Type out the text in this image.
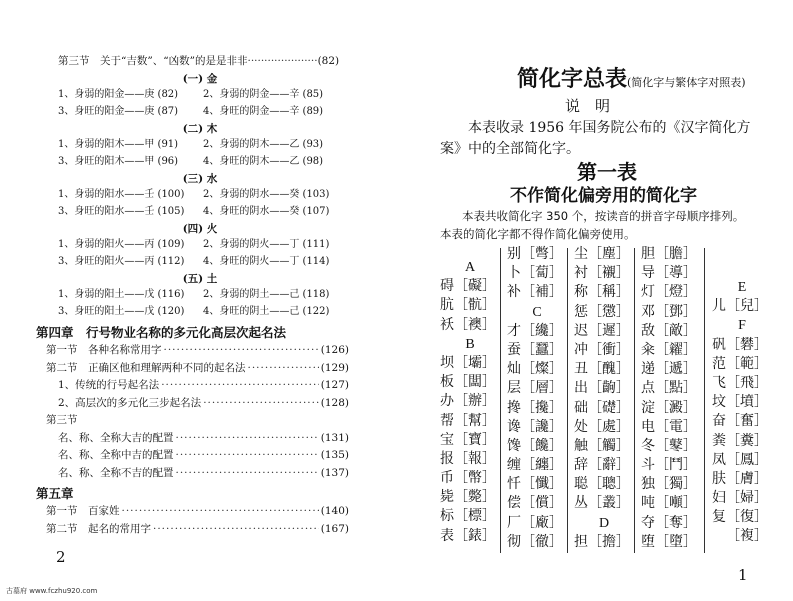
第三节　关于“吉数”、“凶数”的是是非非·····················(82)
(一) 金
1、身弱的阳金——庚 (82)	2、身弱的阴金——辛 (85)
3、身旺的阳金——庚 (87)	4、身旺的阴金——辛 (89)
(二) 木
1、身弱的阳木——甲 (91)	2、身弱的阴木——乙 (93)
3、身旺的阳木——甲 (96)	4、身旺的阴木——乙 (98)
(三) 水
1、身弱的阳水——壬 (100)	2、身弱的阴水——癸 (103)
3、身旺的阳水——壬 (105)	4、身旺的阴水——癸 (107)
(四) 火
1、身弱的阳火——丙 (109)	2、身弱的阴火——丁 (111)
3、身旺的阳火——丙 (112)	4、身旺的阴火——丁 (114)
(五) 土
1、身弱的阳土——戊 (116)	2、身弱的阴土——己 (118)
3、身旺的阳土——戊 (120)	4、身旺的阴土——己 (122)
第四章　行号物业名称的多元化高层次起名法
第一节　各种名称常用字 ·····	(126)
第二节　正确区他和理解两种不同的起名法 ·····	(129)
1、传统的行号起名法 ·····	(127)
2、高层次的多元化三步起名法 ·····	(128)
第三节
名、称、全称大吉的配置 ·····	(131)
名、称、全称中吉的配置 ·····	(135)
名、称、全称不吉的配置 ·····	(137)
第五章
第一节　百家姓 ·····	(140)
第二节　起名的常用字 ·····	(167)
2
简化字总表(简化字与繁体字对照表)
说　明
本表收录 1956 年国务院公布的《汉字简化方
案》中的全部简化字。
第一表
不作简化偏旁用的简化字
本表共收简化字 350 个，按读音的拼音字母顺序排列。
本表的简化字都不得作简化偏旁使用。
A
碍［礙］
肮［骯］
袄［襖］
B
坝［壩］
板［闆］
办［辦］
帮［幫］
宝［寶］
报［報］
币［幣］
毙［斃］
标［標］
表［錶］
别［彆］
卜［蔔］
补［補］
C
才［纔］
蚕［蠶］
灿［燦］
层［層］
搀［攙］
谗［讒］
馋［饞］
缠［纏］
忏［懺］
偿［償］
厂［廠］
彻［徹］
尘［塵］
衬［襯］
称［稱］
惩［懲］
迟［遲］
冲［衝］
丑［醜］
出［齣］
础［礎］
处［處］
触［觸］
辞［辭］
聪［聰］
丛［叢］
D
担［擔］
胆［膽］
导［導］
灯［燈］
邓［鄧］
敌［敵］
籴［糴］
递［遞］
点［點］
淀［澱］
电［電］
冬［鼕］
斗［鬥］
独［獨］
吨［噸］
夺［奪］
堕［墮］
E
儿［兒］
F
矾［礬］
范［範］
飞［飛］
坟［墳］
奋［奮］
粪［糞］
凤［鳳］
肤［膚］
妇［婦］
复［復］
［複］
1
古墓府 www.fczhu920.com
